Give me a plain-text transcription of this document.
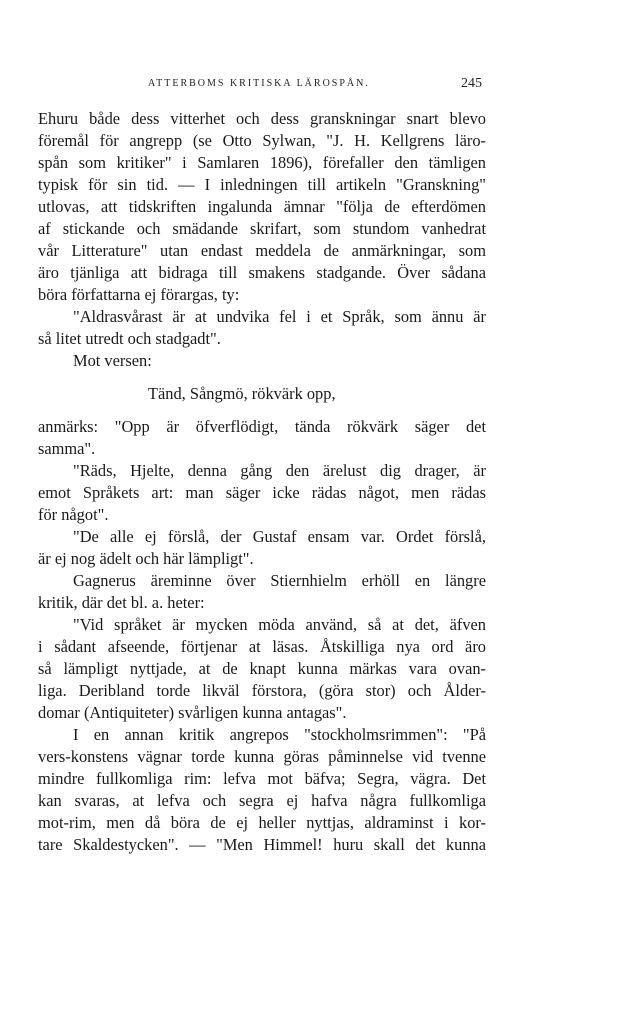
ATTERBOMS KRITISKA LÄROSPÅN.	245
Ehuru både dess vitterhet och dess granskningar snart blevo
föremål för angrepp (se Otto Sylwan, "J. H. Kellgrens läro-
spån som kritiker" i Samlaren 1896), förefaller den tämligen
typisk för sin tid. — I inledningen till artikeln "Granskning"
utlovas, att tidskriften ingalunda ämnar "följa de efterdömen
af stickande och smädande skrifart, som stundom vanhedrat
vår Litterature" utan endast meddela de anmärkningar, som
äro tjänliga att bidraga till smakens stadgande. Över sådana
böra författarna ej förargas, ty:
"Aldrasvårast är at undvika fel i et Språk, som ännu är
så litet utredt och stadgadt".
Mot versen:
Tänd, Sångmö, rökvärk opp,
anmärks: "Opp är öfverflödigt, tända rökvärk säger det
samma".
"Räds, Hjelte, denna gång den ärelust dig drager, är
emot Språkets art: man säger icke rädas något, men rädas
för något".
"De alle ej förslå, der Gustaf ensam var. Ordet förslå,
är ej nog ädelt och här lämpligt".
Gagnerus äreminne över Stiernhielm erhöll en längre
kritik, där det bl. a. heter:
"Vid språket är mycken möda använd, så at det, äfven
i sådant afseende, förtjenar at läsas. Åtskilliga nya ord äro
så lämpligt nyttjade, at de knapt kunna märkas vara ovan-
liga. Deribland torde likväl förstora, (göra stor) och Ålder-
domar (Antiquiteter) svårligen kunna antagas".
I en annan kritik angrepos "stockholmsrimmen": "På
vers-konstens vägnar torde kunna göras påminnelse vid tvenne
mindre fullkomliga rim: lefva mot bäfva; Segra, vägra. Det
kan svaras, at lefva och segra ej hafva några fullkomliga
mot-rim, men då böra de ej heller nyttjas, aldraminst i kor-
tare Skaldestycken". — "Men Himmel! huru skall det kunna
